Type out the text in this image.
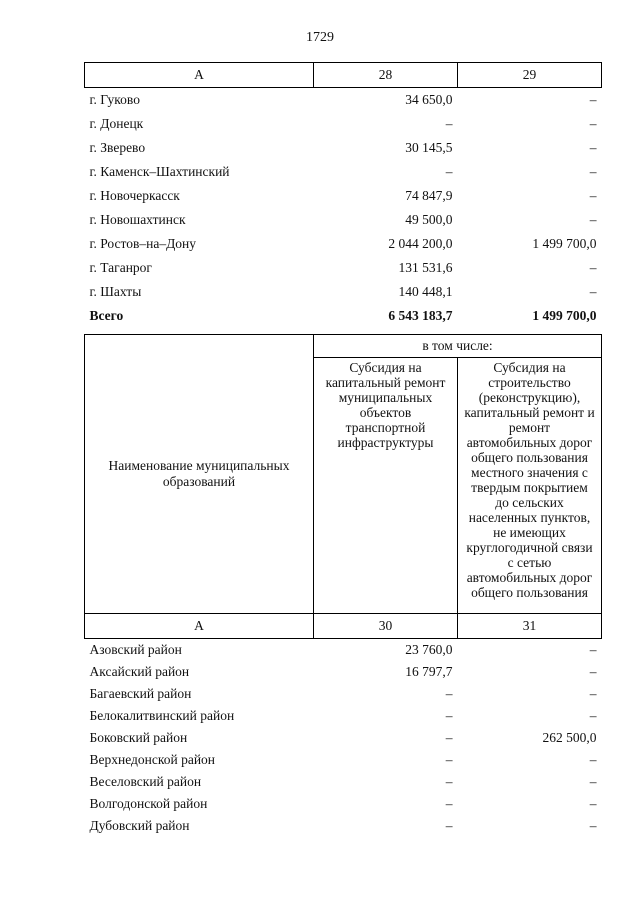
1729
А	28	29
г. Гуково	34 650,0	–
г. Донецк	–	–
г. Зверево	30 145,5	–
г. Каменск–Шахтинский	–	–
г. Новочеркасск	74 847,9	–
г. Новошахтинск	49 500,0	–
г. Ростов–на–Дону	2 044 200,0	1 499 700,0
г. Таганрог	131 531,6	–
г. Шахты	140 448,1	–
Всего	6 543 183,7	1 499 700,0
Наименование муниципальных образований	в том числе:	
	Субсидия на капитальный ремонт муниципальных объектов транспортной инфраструктуры	Субсидия на строительство (реконструкцию), капитальный ремонт и ремонт автомобильных дорог общего пользования местного значения с твердым покрытием до сельских населенных пунктов, не имеющих круглогодичной связи с сетью автомобильных дорог общего пользования
А	30	31
Азовский район	23 760,0	–
Аксайский район	16 797,7	–
Багаевский район	–	–
Белокалитвинский район	–	–
Боковский район	–	262 500,0
Верхнедонской район	–	–
Веселовский район	–	–
Волгодонской район	–	–
Дубовский район	–	–
